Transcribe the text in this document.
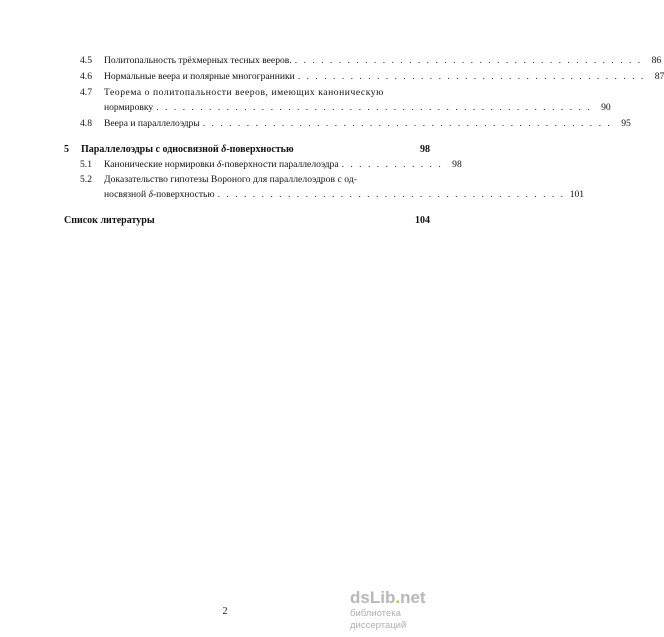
4.5	Политопальность трёхмерных тесных вееров. . . . . . . . . . . . . . . . . . . . . . . . . . . . . . . . . . . . . . . . . 86
4.6	Нормальные веера и полярные многогранники . . . . . . . . . . . . . . . . . . . . . . . . . . . . . . . . . . . . . . . . 87
4.7	Теорема о политопальности вееров, имеющих каноническую
нормировку . . . . . . . . . . . . . . . . . . . . . . . . . . . . . . . . . . . . . . . . . . . . . . . . . . 90
4.8	Веера и параллелоэдры . . . . . . . . . . . . . . . . . . . . . . . . . . . . . . . . . . . . . . . . . . . . . . . 95
5 Параллелоэдры с односвязной δ-поверхностью	98
5.1	Канонические нормировки δ-поверхности параллелоэдра . . . . . . . . . . . . 98
5.2	Доказательство гипотезы Вороного для параллелоэдров с од-
носвязной δ-поверхностью . . . . . . . . . . . . . . . . . . . . . . . . . . . . . . . . . . . . . . . . 101
Список литературы	104
2
dsLib.net
библиотека диссертаций
